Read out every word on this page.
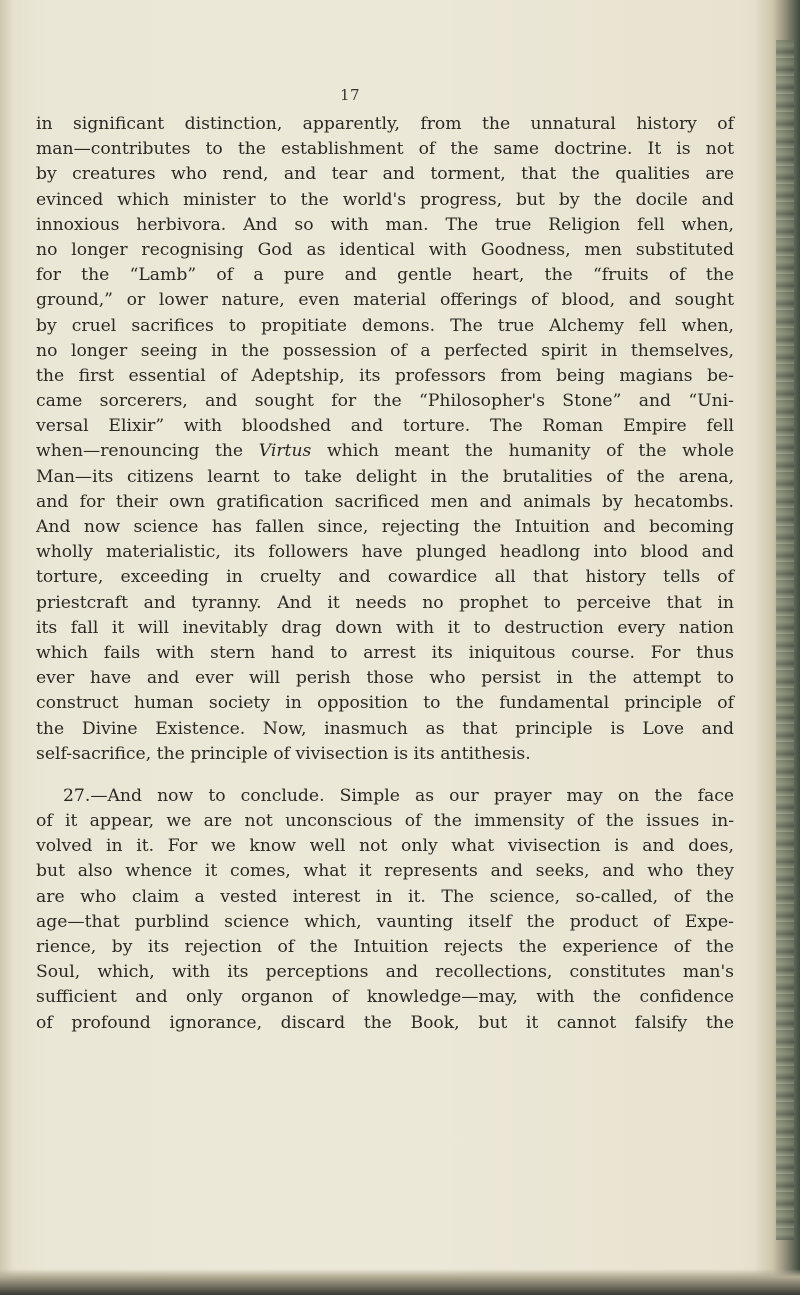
17
in significant distinction, apparently, from the unnatural history of
man—contributes to the establishment of the same doctrine. It is not
by creatures who rend, and tear and torment, that the qualities are
evinced which minister to the world's progress, but by the docile and
innoxious herbivora. And so with man. The true Religion fell when,
no longer recognising God as identical with Goodness, men substituted
for the “Lamb” of a pure and gentle heart, the “fruits of the
ground,” or lower nature, even material offerings of blood, and sought
by cruel sacrifices to propitiate demons. The true Alchemy fell when,
no longer seeing in the possession of a perfected spirit in themselves,
the first essential of Adeptship, its professors from being magians be-
came sorcerers, and sought for the “Philosopher's Stone” and “Uni-
versal Elixir” with bloodshed and torture. The Roman Empire fell
when—renouncing the Virtus which meant the humanity of the whole
Man—its citizens learnt to take delight in the brutalities of the arena,
and for their own gratification sacrificed men and animals by hecatombs.
And now science has fallen since, rejecting the Intuition and becoming
wholly materialistic, its followers have plunged headlong into blood and
torture, exceeding in cruelty and cowardice all that history tells of
priestcraft and tyranny. And it needs no prophet to perceive that in
its fall it will inevitably drag down with it to destruction every nation
which fails with stern hand to arrest its iniquitous course. For thus
ever have and ever will perish those who persist in the attempt to
construct human society in opposition to the fundamental principle of
the Divine Existence. Now, inasmuch as that principle is Love and
self-sacrifice, the principle of vivisection is its antithesis.
27.—And now to conclude. Simple as our prayer may on the face
of it appear, we are not unconscious of the immensity of the issues in-
volved in it. For we know well not only what vivisection is and does,
but also whence it comes, what it represents and seeks, and who they
are who claim a vested interest in it. The science, so-called, of the
age—that purblind science which, vaunting itself the product of Expe-
rience, by its rejection of the Intuition rejects the experience of the
Soul, which, with its perceptions and recollections, constitutes man's
sufficient and only organon of knowledge—may, with the confidence
of profound ignorance, discard the Book, but it cannot falsify the
